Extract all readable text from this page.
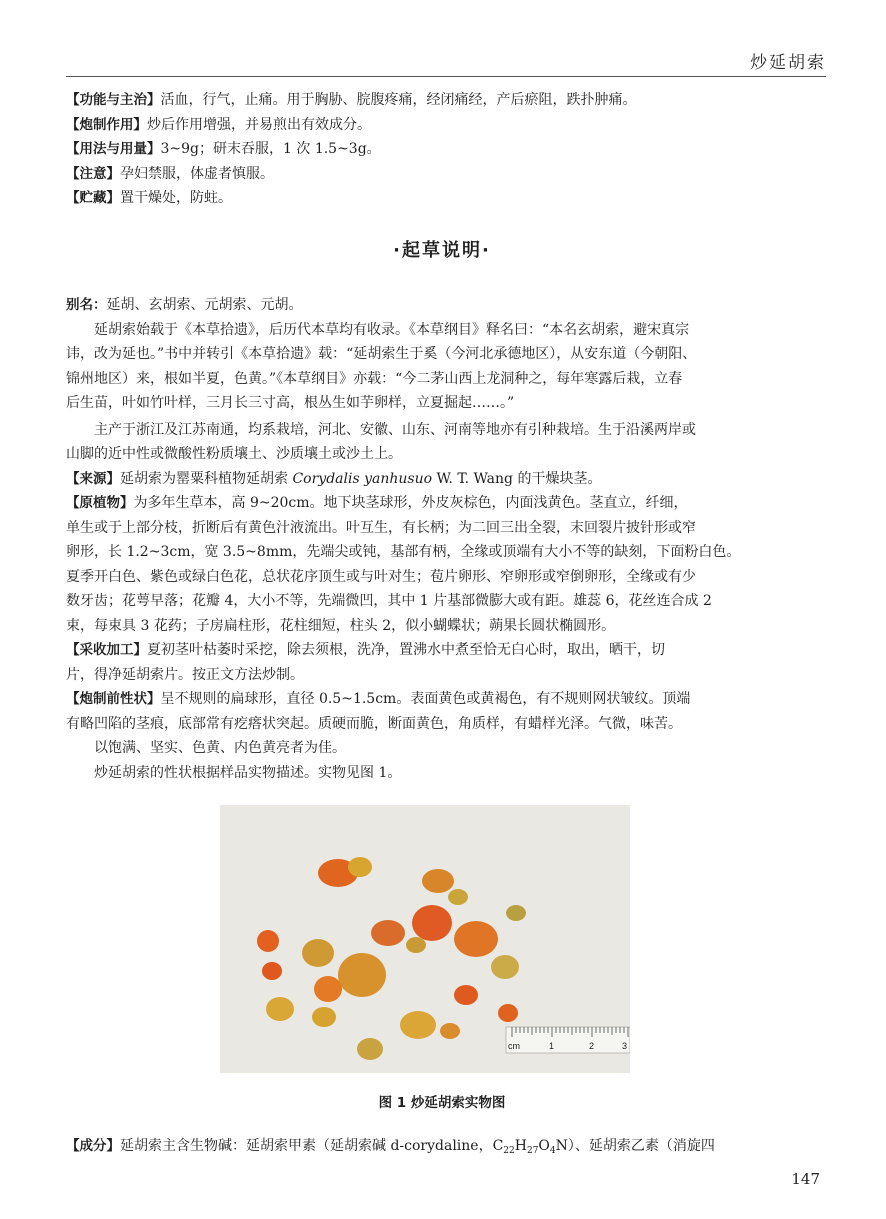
炒延胡索
【功能与主治】活血，行气，止痛。用于胸胁、脘腹疼痛，经闭痛经，产后瘀阻，跌扑肿痛。
【炮制作用】炒后作用增强，并易煎出有效成分。
【用法与用量】3~9g；研末吞服，1 次 1.5~3g。
【注意】孕妇禁服，体虚者慎服。
【贮藏】置干燥处，防蛀。
·起草说明·
别名：延胡、玄胡索、元胡索、元胡。
延胡索始载于《本草拾遗》，后历代本草均有收录。《本草纲目》释名曰：“本名玄胡索，避宋真宗
讳，改为延也。”书中并转引《本草拾遗》载：“延胡索生于奚（今河北承德地区），从安东道（今朝阳、
锦州地区）来，根如半夏，色黄。”《本草纲目》亦载：“今二茅山西上龙洞种之，每年寒露后栽，立春
后生苗，叶如竹叶样，三月长三寸高，根丛生如芋卵样，立夏掘起……。”
主产于浙江及江苏南通，均系栽培，河北、安徽、山东、河南等地亦有引种栽培。生于沿溪两岸或
山脚的近中性或微酸性粉质壤土、沙质壤土或沙土上。
【来源】延胡索为罂粟科植物延胡索 Corydalis yanhusuo W. T. Wang 的干燥块茎。
【原植物】为多年生草本，高 9~20cm。地下块茎球形，外皮灰棕色，内面浅黄色。茎直立，纤细，
单生或于上部分枝，折断后有黄色汁液流出。叶互生，有长柄；为二回三出全裂，末回裂片披针形或窄
卵形，长 1.2~3cm，宽 3.5~8mm，先端尖或钝，基部有柄，全缘或顶端有大小不等的缺刻，下面粉白色。
夏季开白色、紫色或绿白色花，总状花序顶生或与叶对生；苞片卵形、窄卵形或窄倒卵形，全缘或有少
数牙齿；花萼早落；花瓣 4，大小不等，先端微凹，其中 1 片基部微膨大或有距。雄蕊 6，花丝连合成 2
束，每束具 3 花药；子房扁柱形，花柱细短，柱头 2，似小蝴蝶状；蒴果长圆状椭圆形。
【采收加工】夏初茎叶枯萎时采挖，除去须根，洗净，置沸水中煮至恰无白心时，取出，晒干，切
片，得净延胡索片。按正文方法炒制。
【炮制前性状】呈不规则的扁球形，直径 0.5~1.5cm。表面黄色或黄褐色，有不规则网状皱纹。顶端
有略凹陷的茎痕，底部常有疙瘩状突起。质硬而脆，断面黄色，角质样，有蜡样光泽。气微，味苦。
以饱满、坚实、色黄、内色黄亮者为佳。
炒延胡索的性状根据样品实物描述。实物见图 1。
cm	1	2	3
图 1 炒延胡索实物图
【成分】延胡索主含生物碱：延胡索甲素（延胡索碱 d-corydaline，$C_{22}H_{27}O_4N$）、延胡索乙素（消旋四
147
